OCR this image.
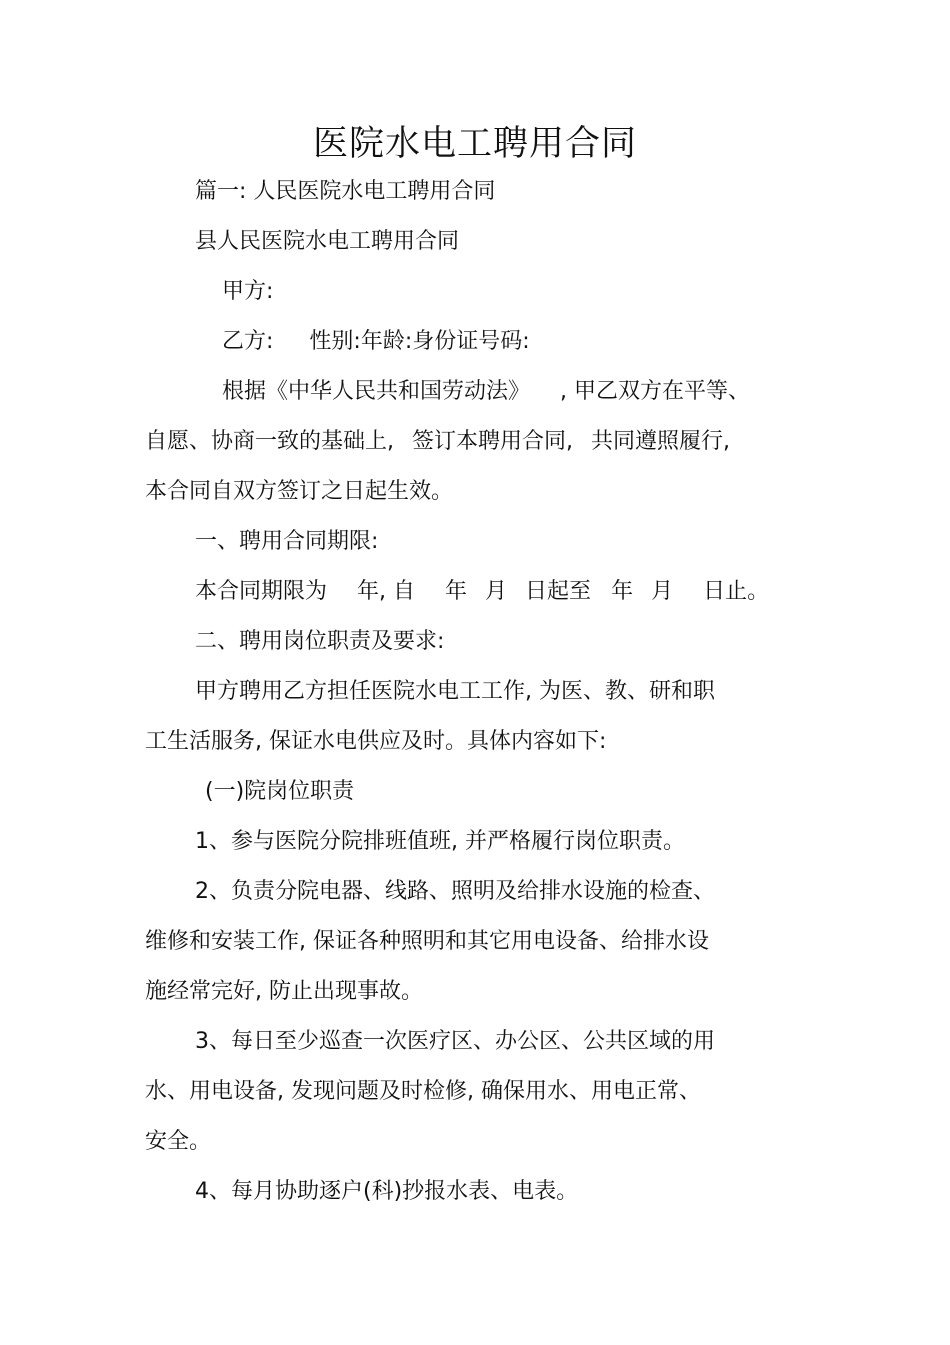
医院水电工聘用合同

篇一: 人民医院水电工聘用合同

县人民医院水电工聘用合同

甲方:

乙方: 性别:年龄:身份证号码:

根据《中华人民共和国劳动法》 , 甲乙双方在平等、

自愿、协商一致的基础上, 签订本聘用合同, 共同遵照履行,

本合同自双方签订之日起生效。

一、聘用合同期限:

本合同期限为 年, 自 年 月 日起至 年 月 日止。

二、聘用岗位职责及要求:

甲方聘用乙方担任医院水电工工作, 为医、教、研和职

工生活服务, 保证水电供应及时。具体内容如下:

(一)院岗位职责

1、参与医院分院排班值班, 并严格履行岗位职责。

2、负责分院电器、线路、照明及给排水设施的检查、

维修和安装工作, 保证各种照明和其它用电设备、给排水设

施经常完好, 防止出现事故。

3、每日至少巡查一次医疗区、办公区、公共区域的用

水、用电设备, 发现问题及时检修, 确保用水、用电正常、

安全。

4、每月协助逐户(科)抄报水表、电表。
